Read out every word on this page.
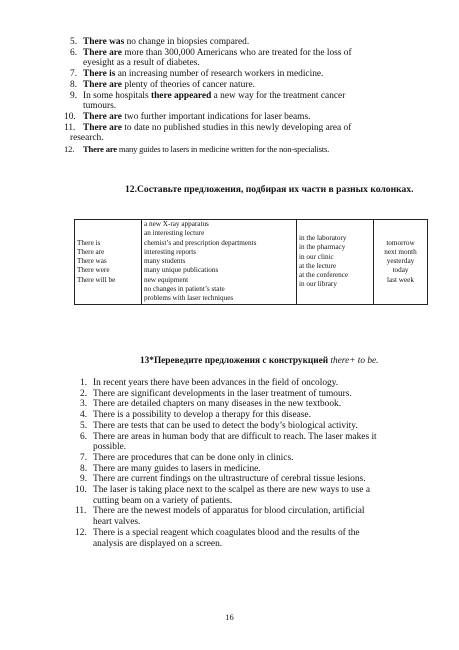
5. There was no change in biopsies compared.
6. There are more than 300,000 Americans who are treated for the loss of
eyesight as a result of diabetes.
7. There is an increasing number of research workers in medicine.
8. There are plenty of theories of cancer nature.
9. In some hospitals there appeared a new way for the treatment cancer
tumours.
10. There are two further important indications for laser beams.
11. There are to date no published studies in this newly developing area of
research.
12. There are many guides to lasers in medicine written for the non-specialists.
12.Составьте предложения, подбирая их части в разных колонках.
There is
There are
There was
There were
There will be

a new X-ray apparatus
an interesting lecture
chemist’s and prescription departments
interesting reports
many students
many unique publications
new equipment
no changes in patient’s state
problems with laser techniques

in the laboratory
in the pharmacy
in our clinic
at the lecture
at the conference
in our library

tomorrow
next month
yesterday
today
last week
13*Переведите предложения с конструкцией there+ to be.
1. In recent years there have been advances in the field of oncology.
2. There are significant developments in the laser treatment of tumours.
3. There are detailed chapters on many diseases in the new textbook.
4. There is a possibility to develop a therapy for this disease.
5. There are tests that can be used to detect the body’s biological activity.
6. There are areas in human body that are difficult to reach. The laser makes it
possible.
7. There are procedures that can be done only in clinics.
8. There are many guides to lasers in medicine.
9. There are current findings on the ultrastructure of cerebral tissue lesions.
10. The laser is taking place next to the scalpel as there are new ways to use a
cutting beam on a variety of patients.
11. There are the newest models of apparatus for blood circulation, artificial
heart valves.
12. There is a special reagent which coagulates blood and the results of the
analysis are displayed on a screen.
16
